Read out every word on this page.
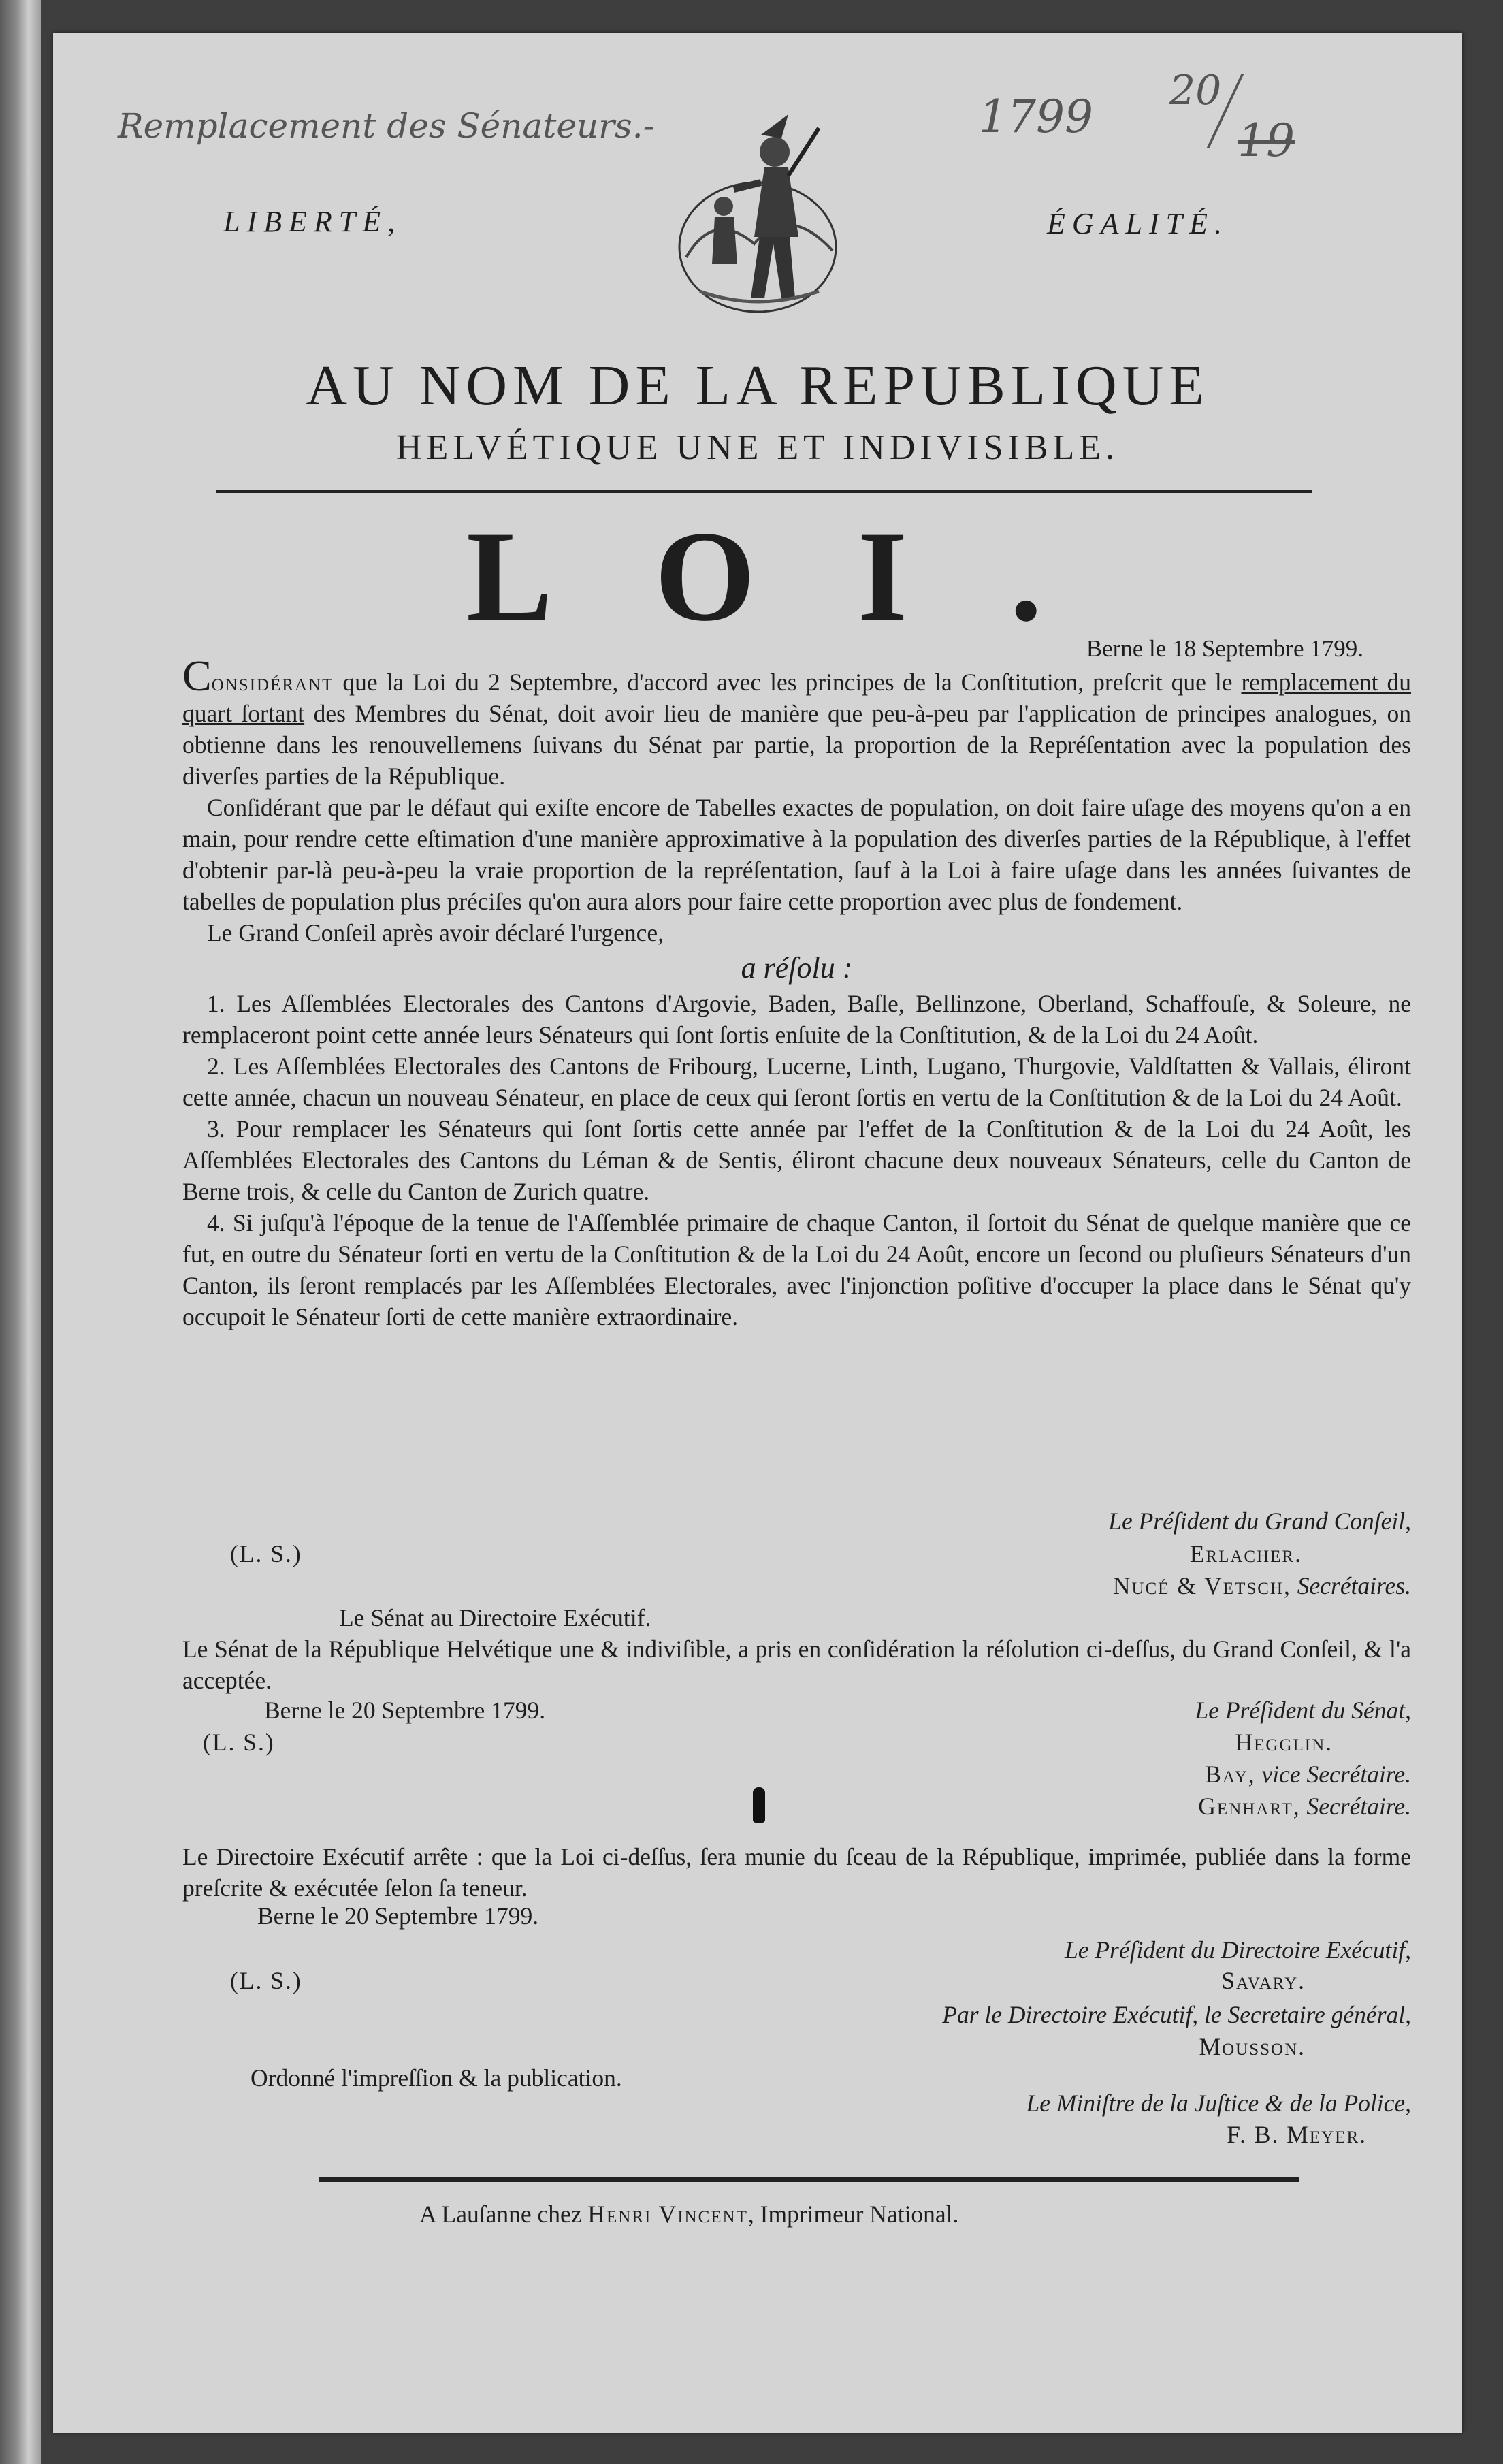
Remplacement des Sénateurs.-	1799 20
19
LIBERTÉ,	ÉGALITÉ.
AU NOM DE LA REPUBLIQUE
HELVÉTIQUE UNE ET INDIVISIBLE.
LOI.
Berne le 18 Septembre 1799.

Considérant que la Loi du 2 Septembre, d'accord avec les principes de la Conſtitution, preſcrit que le remplacement du quart ſortant des Membres du Sénat, doit avoir lieu de manière que peu-à-peu par l'application de principes analogues, on obtienne dans les renouvellemens ſuivans du Sénat par partie, la proportion de la Repréſentation avec la population des diverſes parties de la République.

Conſidérant que par le défaut qui exiſte encore de Tabelles exactes de population, on doit faire uſage des moyens qu'on a en main, pour rendre cette eſtimation d'une manière approximative à la population des diverſes parties de la République, à l'effet d'obtenir par-là peu-à-peu la vraie proportion de la repréſentation, ſauf à la Loi à faire uſage dans les années ſuivantes de tabelles de population plus préciſes qu'on aura alors pour faire cette proportion avec plus de fondement.

Le Grand Conſeil après avoir déclaré l'urgence,

a réſolu :

1. Les Aſſemblées Electorales des Cantons d'Argovie, Baden, Baſle, Bellinzone, Oberland, Schaffouſe, & Soleure, ne remplaceront point cette année leurs Sénateurs qui ſont ſortis enſuite de la Conſtitution, & de la Loi du 24 Août.

2. Les Aſſemblées Electorales des Cantons de Fribourg, Lucerne, Linth, Lugano, Thurgovie, Valdſtatten & Vallais, éliront cette année, chacun un nouveau Sénateur, en place de ceux qui ſeront ſortis en vertu de la Conſtitution & de la Loi du 24 Août.

3. Pour remplacer les Sénateurs qui ſont ſortis cette année par l'effet de la Conſtitution & de la Loi du 24 Août, les Aſſemblées Electorales des Cantons du Léman & de Sentis, éliront chacune deux nouveaux Sénateurs, celle du Canton de Berne trois, & celle du Canton de Zurich quatre.

4. Si juſqu'à l'époque de la tenue de l'Aſſemblée primaire de chaque Canton, il ſortoit du Sénat de quelque manière que ce fut, en outre du Sénateur ſorti en vertu de la Conſtitution & de la Loi du 24 Août, encore un ſecond ou pluſieurs Sénateurs d'un Canton, ils ſeront remplacés par les Aſſemblées Electorales, avec l'injonction poſitive d'occuper la place dans le Sénat qu'y occupoit le Sénateur ſorti de cette manière extraordinaire.

Le Préſident du Grand Conſeil,
(L. S.)	Erlacher.
Nucé & Vetsch, Secrétaires.
Le Sénat au Directoire Exécutif.
Le Sénat de la République Helvétique une & indiviſible, a pris en conſidération la réſolution ci-deſſus, du Grand Conſeil, & l'a acceptée.
Berne le 20 Septembre 1799.	Le Préſident du Sénat,
(L. S.)	Hegglin.
Bay, vice Secrétaire.
Genhart, Secrétaire.
Le Directoire Exécutif arrête : que la Loi ci-deſſus, ſera munie du ſceau de la République, imprimée, publiée dans la forme preſcrite & exécutée ſelon ſa teneur.
Berne le 20 Septembre 1799.
Le Préſident du Directoire Exécutif,
(L. S.)	Savary.
Par le Directoire Exécutif, le Secretaire général,
Mousson.
Ordonné l'impreſſion & la publication.
Le Miniſtre de la Juſtice & de la Police,
F. B. Meyer.
A Lauſanne chez Henri Vincent, Imprimeur National.
